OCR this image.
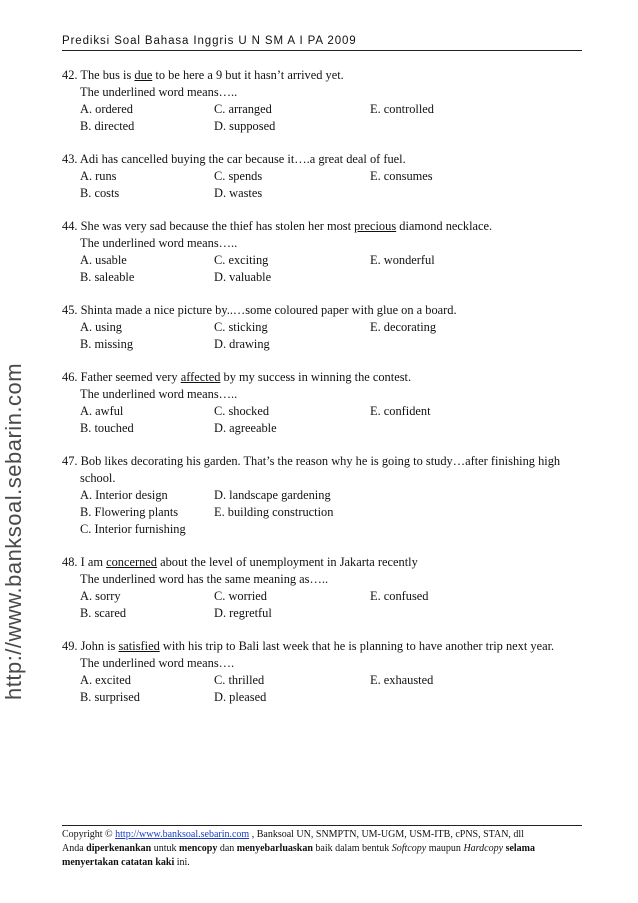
http://www.banksoal.sebarin.com
Prediksi Soal Bahasa Inggris U N SM A I PA 2009
42. The bus is due to be here a 9 but it hasn’t arrived yet.
The underlined word means…..
A. ordered	C. arranged	E. controlled
B. directed	D. supposed
43. Adi has cancelled buying the car because it….a great deal of fuel.
A. runs	C. spends	E. consumes
B. costs	D. wastes
44. She was very sad because the thief has stolen her most precious diamond necklace.
The underlined word means…..
A. usable	C. exciting	E. wonderful
B. saleable	D. valuable
45. Shinta made a nice picture by..…some coloured paper with glue on a board.
A. using	C. sticking	E. decorating
B. missing	D. drawing
46. Father seemed very affected by my success in winning the contest.
The underlined word means…..
A. awful	C. shocked	E. confident
B. touched	D. agreeable
47. Bob likes decorating his garden. That’s the reason why he is going to study…after finishing high
school.
A. Interior design	D. landscape gardening
B. Flowering plants	E. building construction
C. Interior furnishing
48. I am concerned about the level of unemployment in Jakarta recently
The underlined word has the same meaning as…..
A. sorry	C. worried	E. confused
B. scared	D. regretful
49. John is satisfied with his trip to Bali last week that he is planning to have another trip next year.
The underlined word means….
A. excited	C. thrilled	E. exhausted
B. surprised	D. pleased
Copyright © http://www.banksoal.sebarin.com , Banksoal UN, SNMPTN, UM-UGM, USM-ITB, cPNS, STAN, dll
Anda diperkenankan untuk mencopy dan menyebarluaskan baik dalam bentuk Softcopy maupun Hardcopy selama
menyertakan catatan kaki ini.
